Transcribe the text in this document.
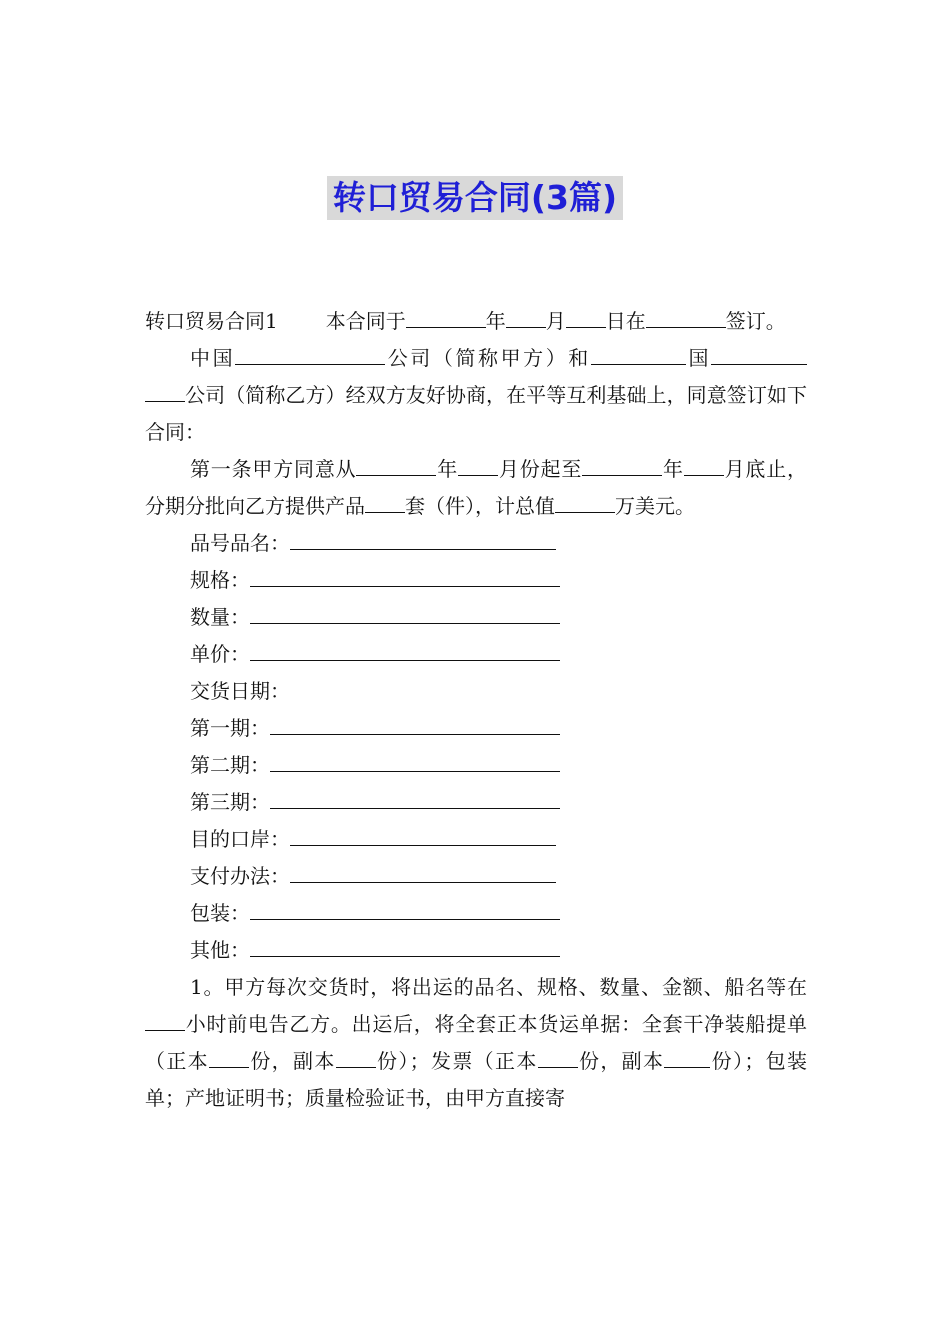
转口贸易合同(3篇)

转口贸易合同1 本合同于	年 月 日在	签订。

中国	公司（简称甲方）和	国公司（简称乙方）经双方友好协商，在平等互利基础上，同意签订如下合同：

第一条甲方同意从	年 月份起至	年 月底止，分期分批向乙方提供产品 套（件），计总值	万美元。

品号品名：

规格：

数量：

单价：

交货日期：

第一期：

第二期：

第三期：

目的口岸：

支付办法：

包装：

其他：

1。甲方每次交货时，将出运的品名、规格、数量、金额、船名等在小时前电告乙方。出运后，将全套正本货运单据：全套干净装船提单（正本 份，副本 份）；发票（正本 份，副本 份）；包装单；产地证明书；质量检验证书，由甲方直接寄
